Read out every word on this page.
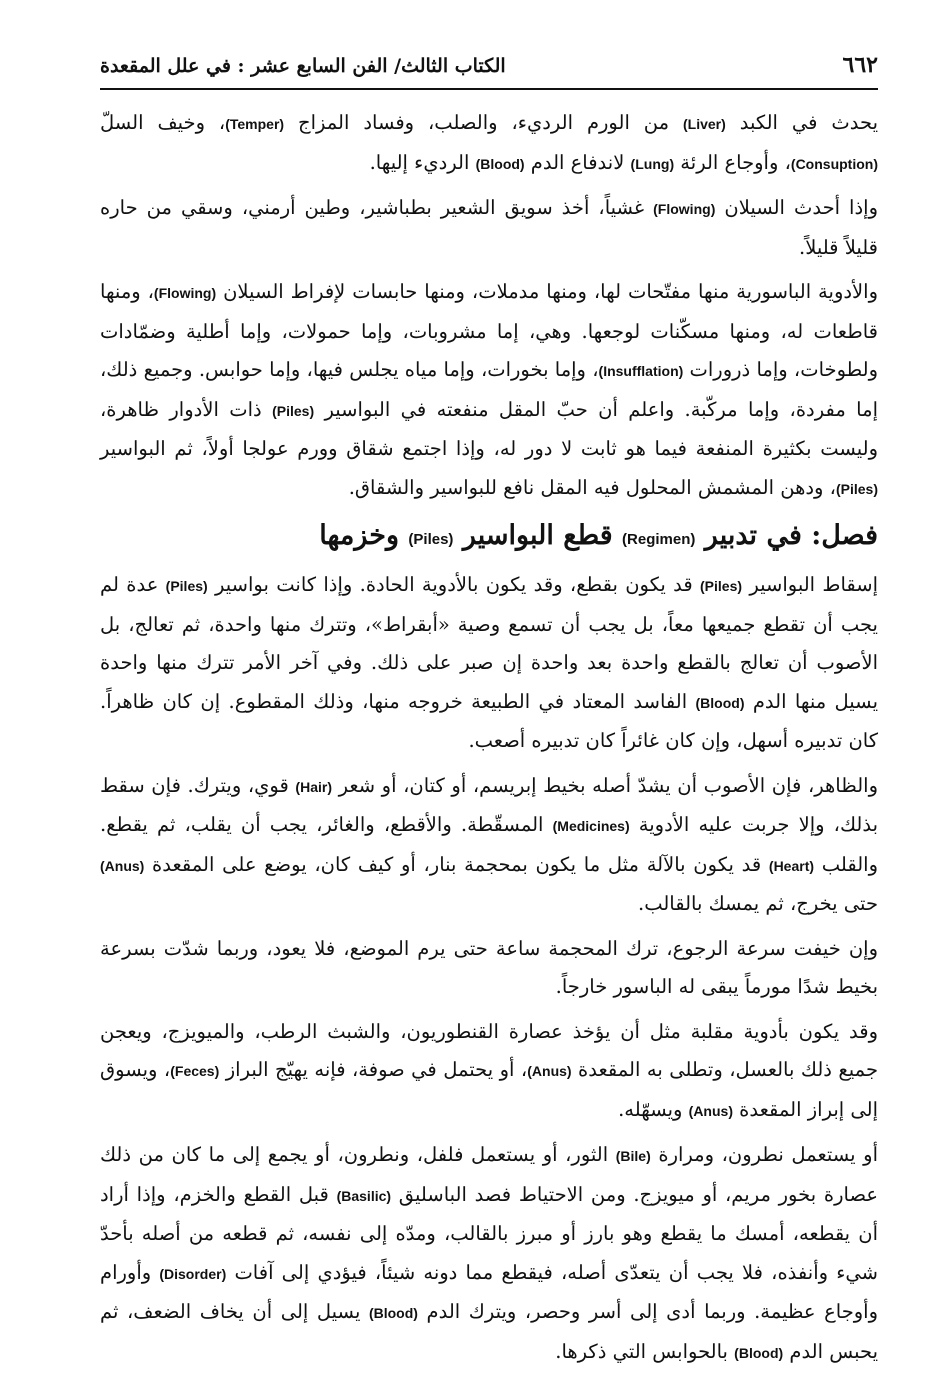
الكتاب الثالث/ الفن السابع عشر : في علل المقعدة	٦٦٢

يحدث في الكبد (Liver) من الورم الرديء، والصلب، وفساد المزاج (Temper)، وخيف السلّ (Consuption)، وأوجاع الرئة (Lung) لاندفاع الدم (Blood) الرديء إليها.

وإذا أحدث السيلان (Flowing) غشياً، أخذ سويق الشعير بطباشير، وطين أرمني، وسقي من حاره قليلاً قليلاً.

والأدوية الباسورية منها مفتّحات لها، ومنها مدملات، ومنها حابسات لإفراط السيلان (Flowing)، ومنها قاطعات له، ومنها مسكّنات لوجعها. وهي، إما مشروبات، وإما حمولات، وإما أطلية وضمّادات ولطوخات، وإما ذرورات (Insufflation)، وإما بخورات، وإما مياه يجلس فيها، وإما حوابس. وجميع ذلك، إما مفردة، وإما مركّبة. واعلم أن حبّ المقل منفعته في البواسير (Piles) ذات الأدوار ظاهرة، وليست بكثيرة المنفعة فيما هو ثابت لا دور له، وإذا اجتمع شقاق وورم عولجا أولاً، ثم البواسير (Piles)، ودهن المشمش المحلول فيه المقل نافع للبواسير والشقاق.

فصل: في تدبير (Regimen) قطع البواسير (Piles) وخزمها

إسقاط البواسير (Piles) قد يكون بقطع، وقد يكون بالأدوية الحادة. وإذا كانت بواسير (Piles) عدة لم يجب أن تقطع جميعها معاً، بل يجب أن تسمع وصية «أبقراط»، وتترك منها واحدة، ثم تعالج، بل الأصوب أن تعالج بالقطع واحدة بعد واحدة إن صبر على ذلك. وفي آخر الأمر تترك منها واحدة يسيل منها الدم (Blood) الفاسد المعتاد في الطبيعة خروجه منها، وذلك المقطوع. إن كان ظاهراً. كان تدبيره أسهل، وإن كان غائراً كان تدبيره أصعب.

والظاهر، فإن الأصوب أن يشدّ أصله بخيط إبريسم، أو كتان، أو شعر (Hair) قوي، ويترك. فإن سقط بذلك، وإلا جربت عليه الأدوية (Medicines) المسقّطة. والأقطع، والغائر، يجب أن يقلب، ثم يقطع. والقلب (Heart) قد يكون بالآلة مثل ما يكون بمحجمة بنار، أو كيف كان، يوضع على المقعدة (Anus) حتى يخرج، ثم يمسك بالقالب.

وإن خيفت سرعة الرجوع، ترك المحجمة ساعة حتى يرم الموضع، فلا يعود، وربما شدّت بسرعة بخيط شدًا مورماً يبقى له الباسور خارجاً.

وقد يكون بأدوية مقلبة مثل أن يؤخذ عصارة القنطوريون، والشبث الرطب، والميويزج، ويعجن جميع ذلك بالعسل، وتطلى به المقعدة (Anus)، أو يحتمل في صوفة، فإنه يهيّج البراز (Feces)، ويسوق إلى إبراز المقعدة (Anus) ويسهّله.

أو يستعمل نطرون، ومرارة (Bile) الثور، أو يستعمل فلفل، ونطرون، أو يجمع إلى ما كان من ذلك عصارة بخور مريم، أو ميويزج. ومن الاحتياط فصد الباسليق (Basilic) قبل القطع والخزم، وإذا أراد أن يقطعه، أمسك ما يقطع وهو بارز أو مبرز بالقالب، ومدّه إلى نفسه، ثم قطعه من أصله بأحدّ شيء وأنفذه، فلا يجب أن يتعدّى أصله، فيقطع مما دونه شيئاً، فيؤدي إلى آفات (Disorder) وأورام وأوجاع عظيمة. وربما أدى إلى أسر وحصر، ويترك الدم (Blood) يسيل إلى أن يخاف الضعف، ثم يحبس الدم (Blood) بالحوابس التي ذكرها.
